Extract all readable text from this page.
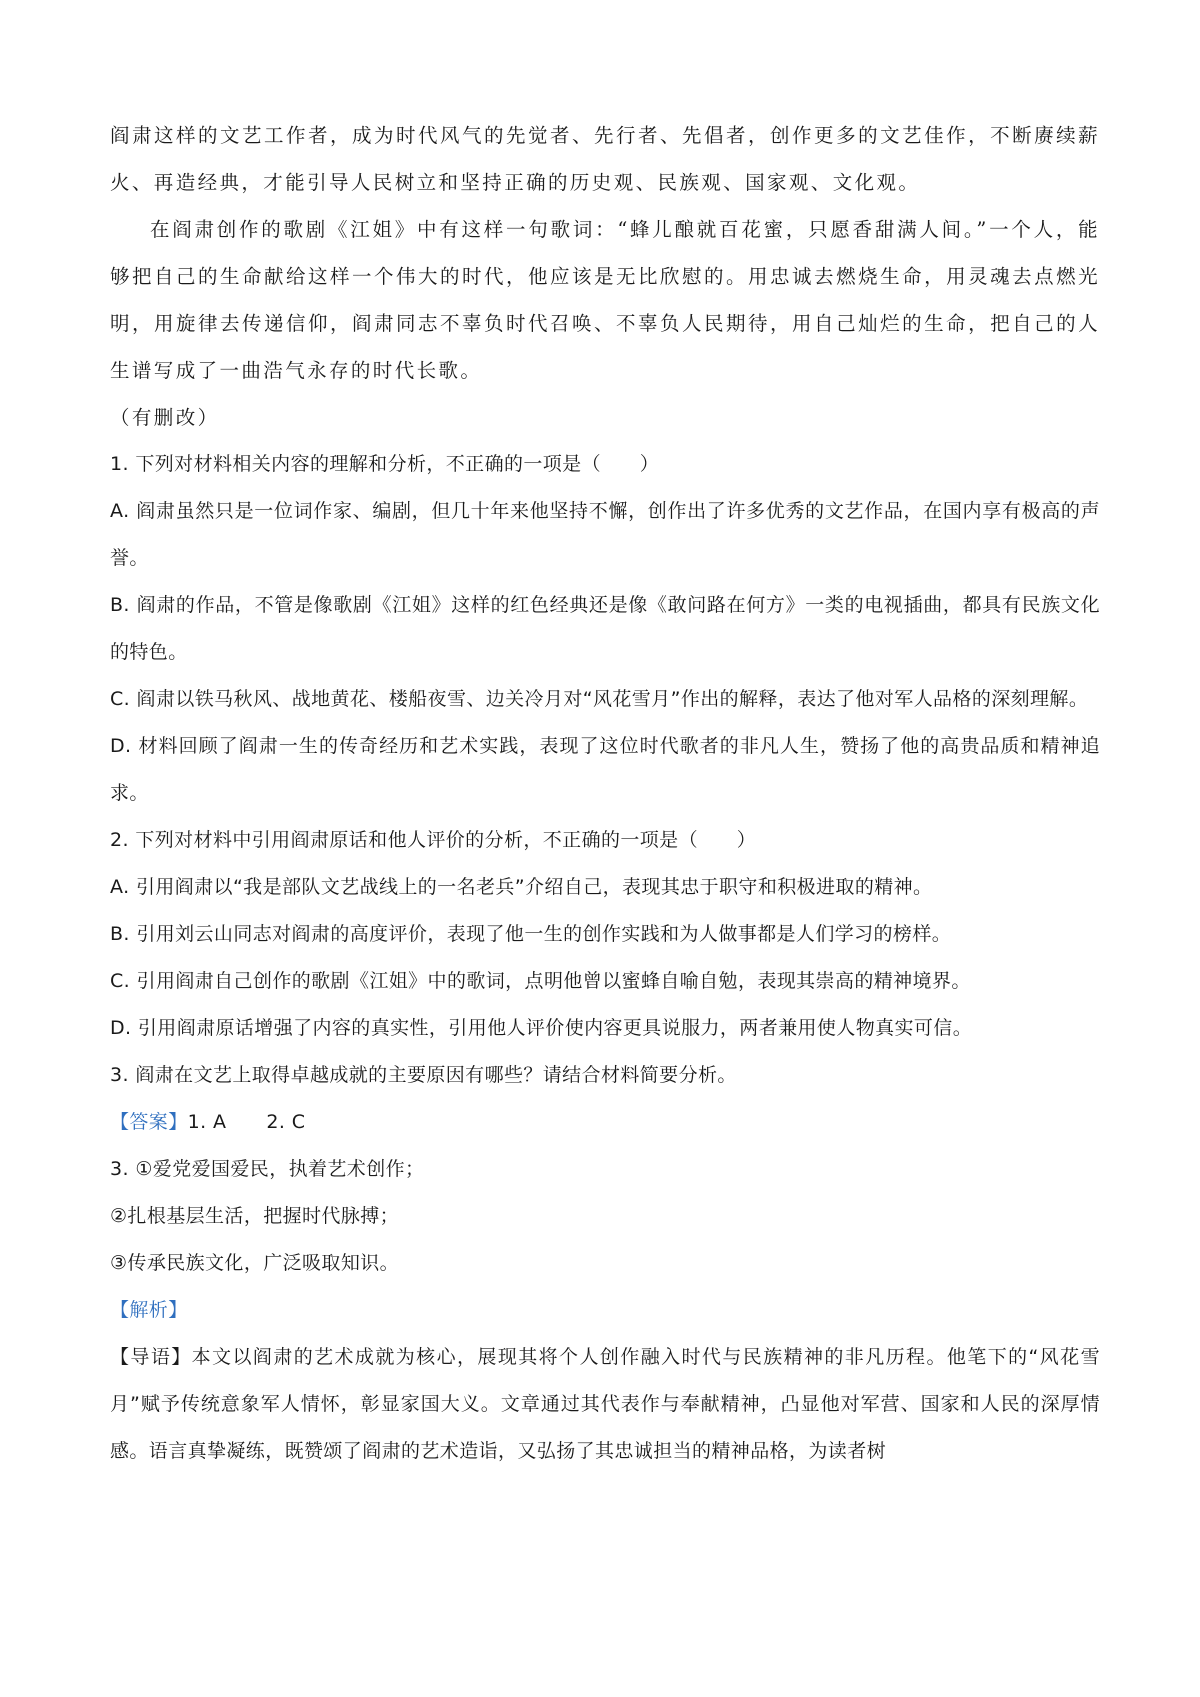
阎肃这样的文艺工作者，成为时代风气的先觉者、先行者、先倡者，创作更多的文艺佳作，不断赓续薪火、再造经典，才能引导人民树立和坚持正确的历史观、民族观、国家观、文化观。

在阎肃创作的歌剧《江姐》中有这样一句歌词：“蜂儿酿就百花蜜，只愿香甜满人间。”一个人，能够把自己的生命献给这样一个伟大的时代，他应该是无比欣慰的。用忠诚去燃烧生命，用灵魂去点燃光明，用旋律去传递信仰，阎肃同志不辜负时代召唤、不辜负人民期待，用自己灿烂的生命，把自己的人生谱写成了一曲浩气永存的时代长歌。

（有删改）

1. 下列对材料相关内容的理解和分析，不正确的一项是（　　）

A. 阎肃虽然只是一位词作家、编剧，但几十年来他坚持不懈，创作出了许多优秀的文艺作品，在国内享有极高的声誉。

B. 阎肃的作品，不管是像歌剧《江姐》这样的红色经典还是像《敢问路在何方》一类的电视插曲，都具有民族文化的特色。

C. 阎肃以铁马秋风、战地黄花、楼船夜雪、边关冷月对“风花雪月”作出的解释，表达了他对军人品格的深刻理解。

D. 材料回顾了阎肃一生的传奇经历和艺术实践，表现了这位时代歌者的非凡人生，赞扬了他的高贵品质和精神追求。

2. 下列对材料中引用阎肃原话和他人评价的分析，不正确的一项是（　　）

A. 引用阎肃以“我是部队文艺战线上的一名老兵”介绍自己，表现其忠于职守和积极进取的精神。

B. 引用刘云山同志对阎肃的高度评价，表现了他一生的创作实践和为人做事都是人们学习的榜样。

C. 引用阎肃自己创作的歌剧《江姐》中的歌词，点明他曾以蜜蜂自喻自勉，表现其崇高的精神境界。

D. 引用阎肃原话增强了内容的真实性，引用他人评价使内容更具说服力，两者兼用使人物真实可信。

3. 阎肃在文艺上取得卓越成就的主要原因有哪些？请结合材料简要分析。

【答案】1. A 2. C

3. ①爱党爱国爱民，执着艺术创作；

②扎根基层生活，把握时代脉搏；

③传承民族文化，广泛吸取知识。

【解析】

【导语】本文以阎肃的艺术成就为核心，展现其将个人创作融入时代与民族精神的非凡历程。他笔下的“风花雪月”赋予传统意象军人情怀，彰显家国大义。文章通过其代表作与奉献精神，凸显他对军营、国家和人民的深厚情感。语言真挚凝练，既赞颂了阎肃的艺术造诣，又弘扬了其忠诚担当的精神品格，为读者树
